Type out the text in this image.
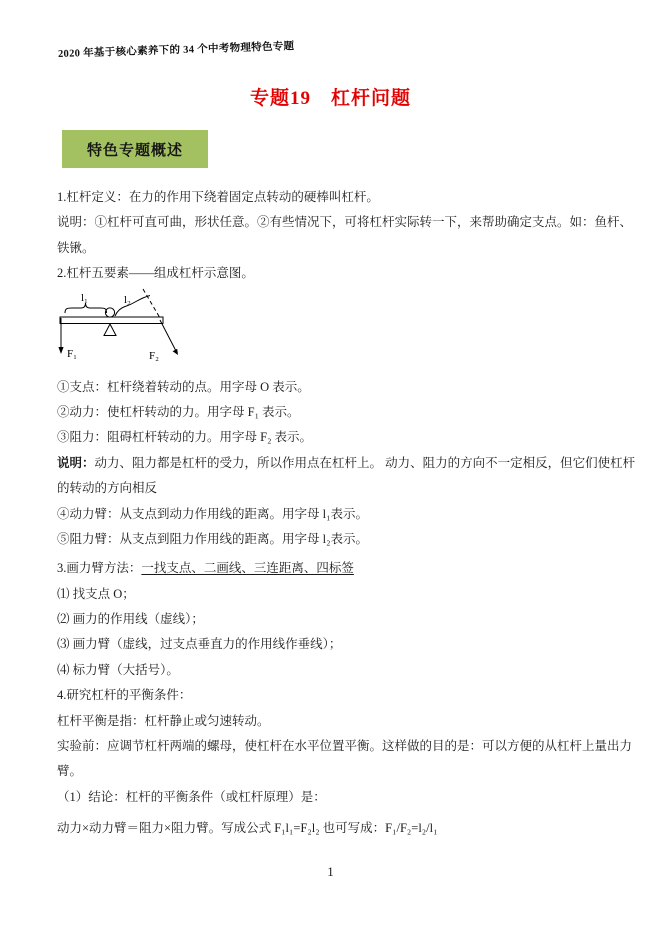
2020 年基于核心素养下的 34 个中考物理特色专题
专题19　杠杆问题
特色专题概述
1.杠杆定义：在力的作用下绕着固定点转动的硬棒叫杠杆。
说明：①杠杆可直可曲，形状任意。②有些情况下，可将杠杆实际转一下，来帮助确定支点。如：鱼杆、
铁锹。
2.杠杆五要素——组成杠杆示意图。
l₁	l₂
F₁	F₂
①支点：杠杆绕着转动的点。用字母 O 表示。
②动力：使杠杆转动的力。用字母 F₁ 表示。
③阻力：阻碍杠杆转动的力。用字母 F₂ 表示。
说明：动力、阻力都是杠杆的受力，所以作用点在杠杆上。 动力、阻力的方向不一定相反，但它们使杠杆
的转动的方向相反
④动力臂：从支点到动力作用线的距离。用字母 l₁表示。
⑤阻力臂：从支点到阻力作用线的距离。用字母 l₂表示。
3.画力臂方法：一找支点、二画线、三连距离、四标签
⑴ 找支点 O；
⑵ 画力的作用线（虚线）；
⑶ 画力臂（虚线，过支点垂直力的作用线作垂线）；
⑷ 标力臂（大括号）。
4.研究杠杆的平衡条件：
杠杆平衡是指：杠杆静止或匀速转动。
实验前：应调节杠杆两端的螺母，使杠杆在水平位置平衡。这样做的目的是：可以方便的从杠杆上量出力
臂。
（1）结论：杠杆的平衡条件（或杠杆原理）是：
动力×动力臂＝阻力×阻力臂。写成公式 F₁l₁=F₂l₂ 也可写成：F₁/F₂=l₂/l₁
1
